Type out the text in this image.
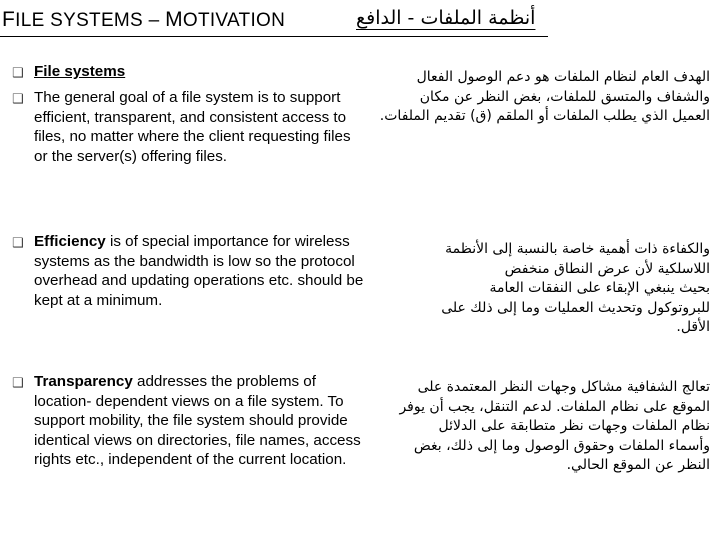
FILE SYSTEMS – MOTIVATION	أنظمة الملفات - الدافع
❑ File systems
❑ The general goal of a file system is to support efficient, transparent, and consistent access to files, no matter where the client requesting files or the server(s) offering files.
❑ Efficiency is of special importance for wireless systems as the bandwidth is low so the protocol overhead and updating operations etc. should be kept at a minimum.
❑ Transparency addresses the problems of location- dependent views on a file system. To support mobility, the file system should provide identical views on directories, file names, access rights etc., independent of the current location.
الهدف العام لنظام الملفات هو دعم الوصول الفعال
والشفاف والمتسق للملفات، بغض النظر عن مكان
العميل الذي يطلب الملفات أو الملقم (ق) تقديم الملفات.
والكفاءة ذات أهمية خاصة بالنسبة إلى الأنظمة
اللاسلكية لأن عرض النطاق منخفض
بحيث ينبغي الإبقاء على النفقات العامة
للبروتوكول وتحديث العمليات وما إلى ذلك على
الأقل.
تعالج الشفافية مشاكل وجهات النظر المعتمدة على
الموقع على نظام الملفات. لدعم التنقل، يجب أن يوفر
نظام الملفات وجهات نظر متطابقة على الدلائل
وأسماء الملفات وحقوق الوصول وما إلى ذلك، بغض
النظر عن الموقع الحالي.
